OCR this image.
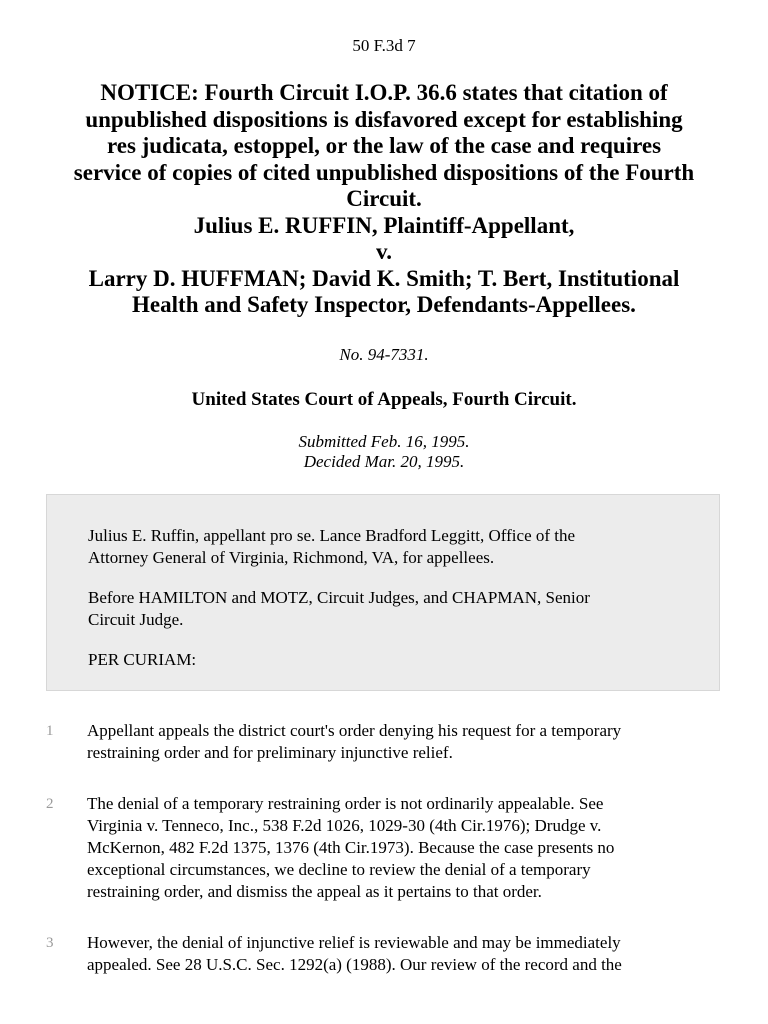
50 F.3d 7
NOTICE: Fourth Circuit I.O.P. 36.6 states that citation of
unpublished dispositions is disfavored except for establishing
res judicata, estoppel, or the law of the case and requires
service of copies of cited unpublished dispositions of the Fourth
Circuit.
Julius E. RUFFIN, Plaintiff-Appellant,
v.
Larry D. HUFFMAN; David K. Smith; T. Bert, Institutional
Health and Safety Inspector, Defendants-Appellees.
No. 94-7331.
United States Court of Appeals, Fourth Circuit.
Submitted Feb. 16, 1995.
Decided Mar. 20, 1995.

Julius E. Ruffin, appellant pro se. Lance Bradford Leggitt, Office of the
Attorney General of Virginia, Richmond, VA, for appellees.

Before HAMILTON and MOTZ, Circuit Judges, and CHAPMAN, Senior
Circuit Judge.

PER CURIAM:

1 Appellant appeals the district court's order denying his request for a temporary
restraining order and for preliminary injunctive relief.

2 The denial of a temporary restraining order is not ordinarily appealable. See
Virginia v. Tenneco, Inc., 538 F.2d 1026, 1029-30 (4th Cir.1976); Drudge v.
McKernon, 482 F.2d 1375, 1376 (4th Cir.1973). Because the case presents no
exceptional circumstances, we decline to review the denial of a temporary
restraining order, and dismiss the appeal as it pertains to that order.

3 However, the denial of injunctive relief is reviewable and may be immediately
appealed. See 28 U.S.C. Sec. 1292(a) (1988). Our review of the record and the
